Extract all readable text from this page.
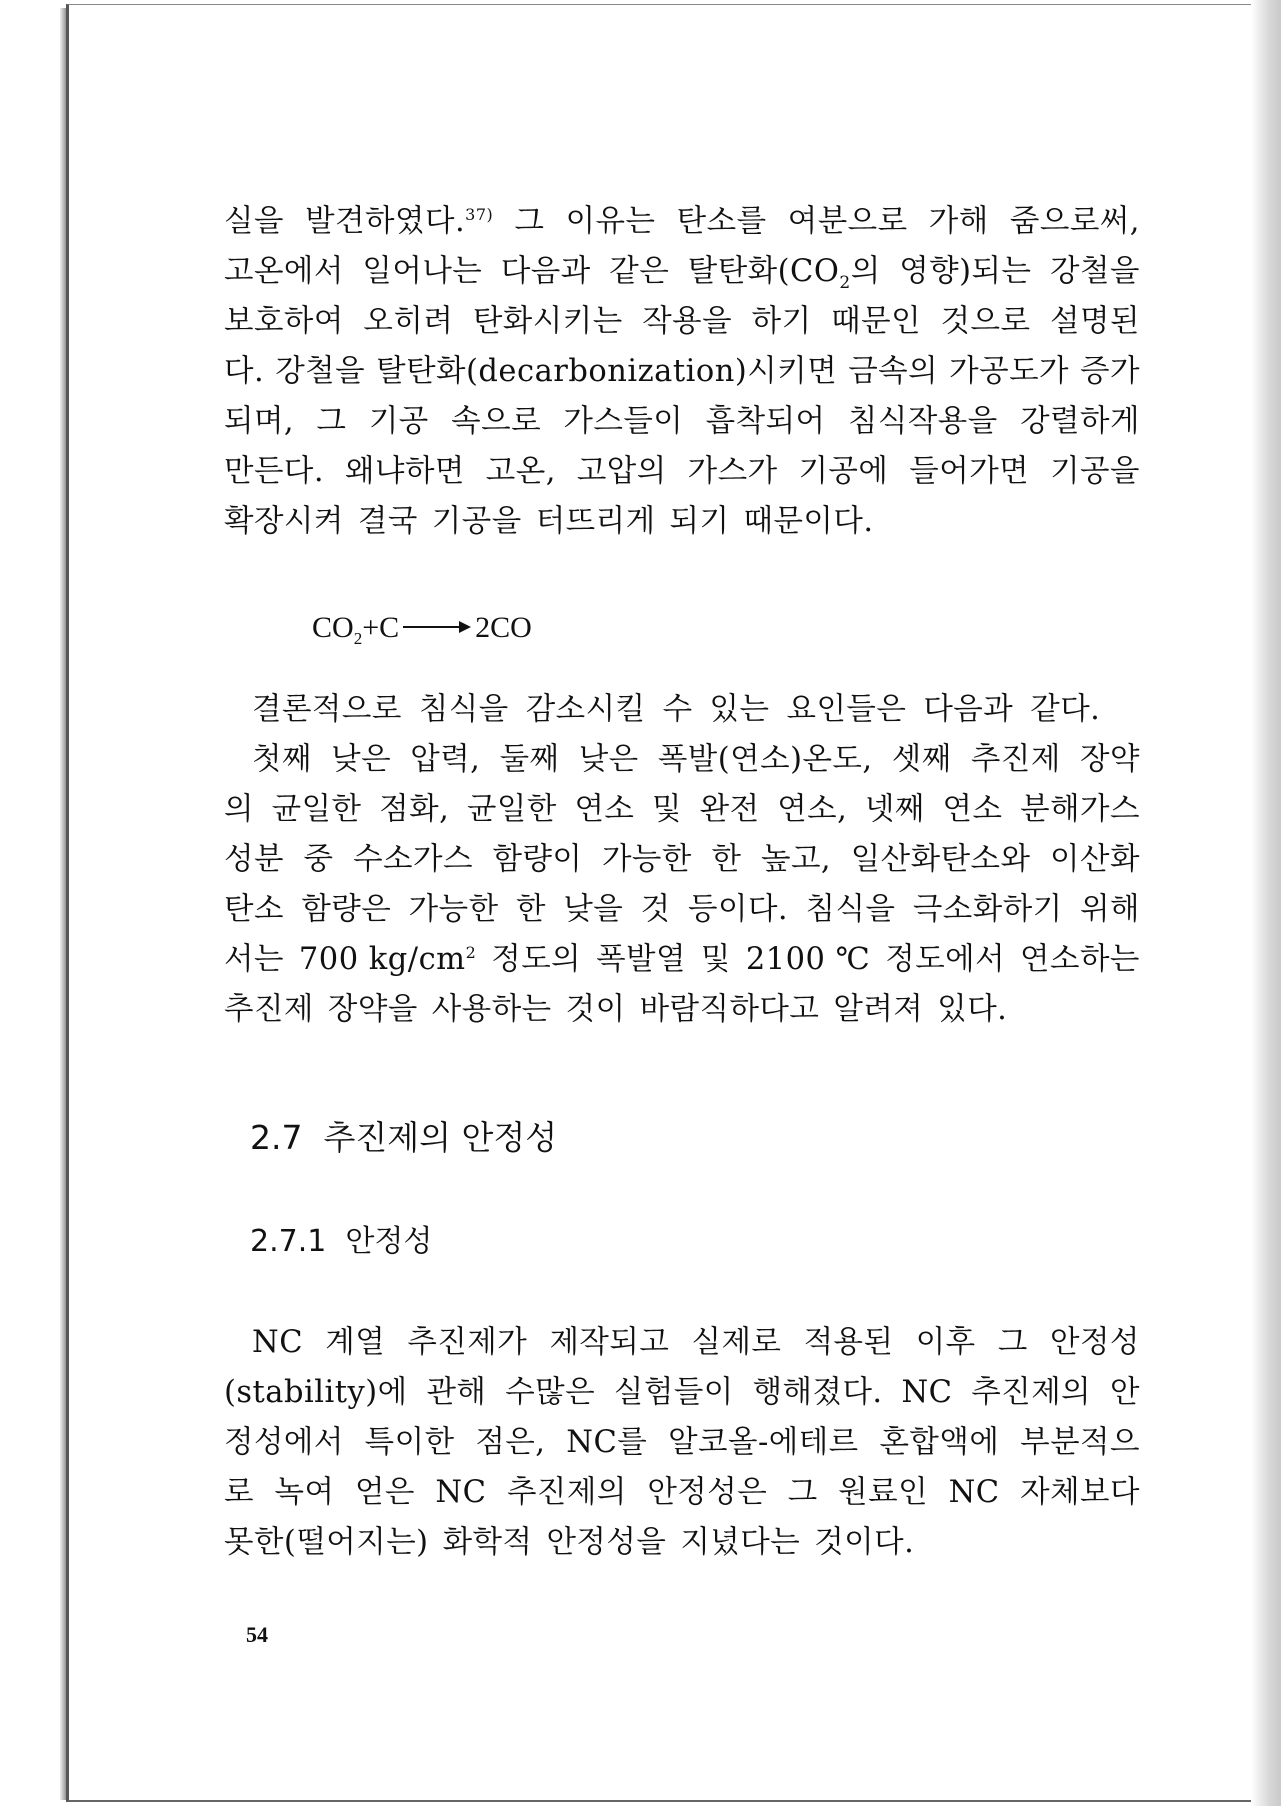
실을 발견하였다.$^{37)}$ 그 이유는 탄소를 여분으로 가해 줌으로써,
고온에서 일어나는 다음과 같은 탈탄화($CO_2$의 영향)되는 강철을
보호하여 오히려 탄화시키는 작용을 하기 때문인 것으로 설명된
다. 강철을 탈탄화(decarbonization)시키면 금속의 가공도가 증가
되며, 그 기공 속으로 가스들이 흡착되어 침식작용을 강렬하게
만든다. 왜냐하면 고온, 고압의 가스가 기공에 들어가면 기공을
확장시켜 결국 기공을 터뜨리게 되기 때문이다.
$CO_2+C \to 2CO$
결론적으로 침식을 감소시킬 수 있는 요인들은 다음과 같다.
첫째 낮은 압력, 둘째 낮은 폭발(연소)온도, 셋째 추진제 장약
의 균일한 점화, 균일한 연소 및 완전 연소, 넷째 연소 분해가스
성분 중 수소가스 함량이 가능한 한 높고, 일산화탄소와 이산화
탄소 함량은 가능한 한 낮을 것 등이다. 침식을 극소화하기 위해
서는 700 $kg/cm^2$ 정도의 폭발열 및 2100 ℃ 정도에서 연소하는
추진제 장약을 사용하는 것이 바람직하다고 알려져 있다.
2.7  추진제의 안정성
2.7.1  안정성
NC 계열 추진제가 제작되고 실제로 적용된 이후 그 안정성
(stability)에 관해 수많은 실험들이 행해졌다. NC 추진제의 안
정성에서 특이한 점은, NC를 알코올-에테르 혼합액에 부분적으
로 녹여 얻은 NC 추진제의 안정성은 그 원료인 NC 자체보다
못한(떨어지는) 화학적 안정성을 지녔다는 것이다.
54
